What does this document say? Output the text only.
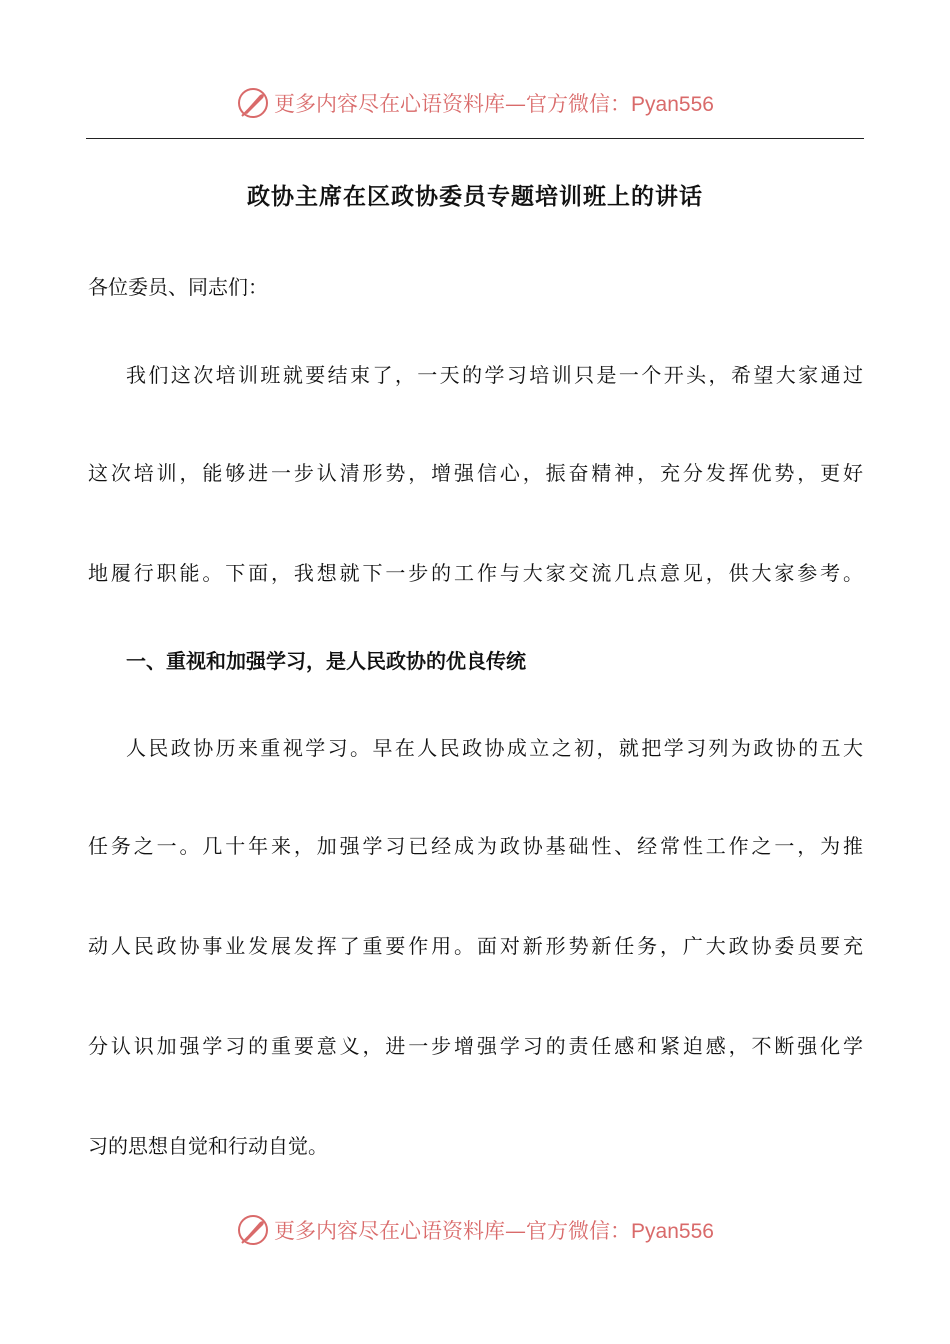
更多内容尽在心语资料库—官方微信：Pyan556
政协主席在区政协委员专题培训班上的讲话
各位委员、同志们：
我们这次培训班就要结束了，一天的学习培训只是一个开头，希望大家通过
这次培训，能够进一步认清形势，增强信心，振奋精神，充分发挥优势，更好
地履行职能。下面，我想就下一步的工作与大家交流几点意见，供大家参考。
一、重视和加强学习，是人民政协的优良传统
人民政协历来重视学习。早在人民政协成立之初，就把学习列为政协的五大
任务之一。几十年来，加强学习已经成为政协基础性、经常性工作之一，为推
动人民政协事业发展发挥了重要作用。面对新形势新任务，广大政协委员要充
分认识加强学习的重要意义，进一步增强学习的责任感和紧迫感，不断强化学
习的思想自觉和行动自觉。
更多内容尽在心语资料库—官方微信：Pyan556
